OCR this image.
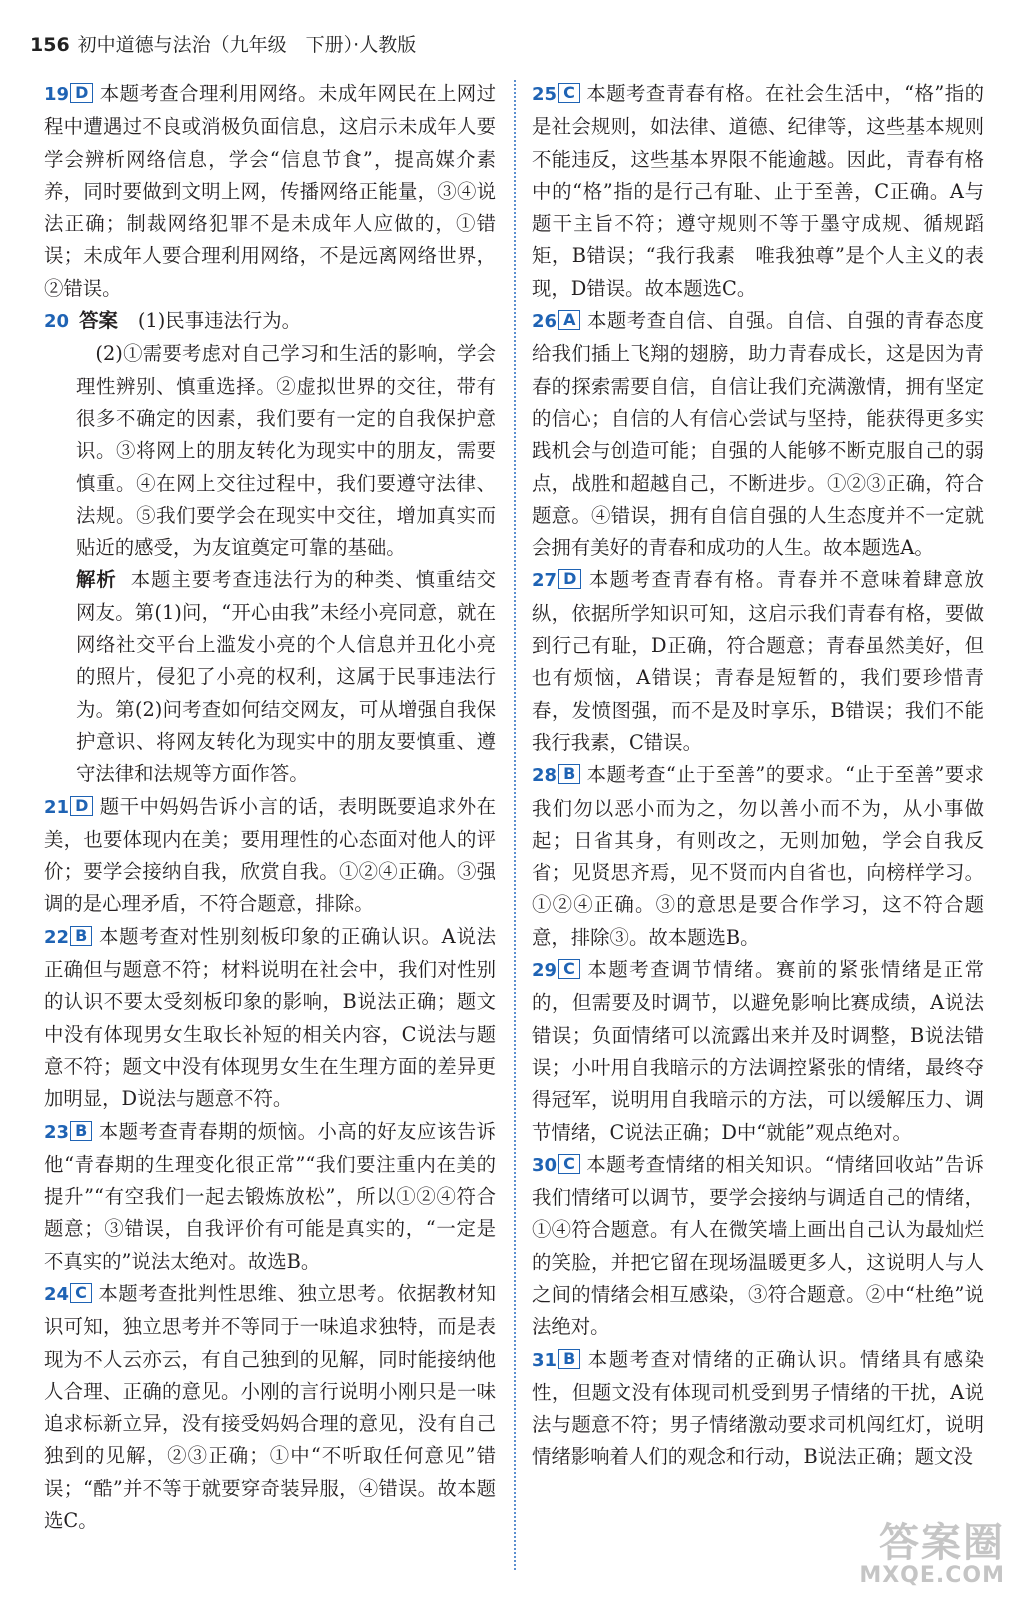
156 初中道德与法治（九年级　下册）·人教版
19 D 本题考查合理利用网络。未成年网民在上网过程中遭遇过不良或消极负面信息，这启示未成年人要学会辨析网络信息，学会“信息节食”，提高媒介素养，同时要做到文明上网，传播网络正能量，③④说法正确；制裁网络犯罪不是未成年人应做的，①错误；未成年人要合理利用网络，不是远离网络世界，②错误。
20 答案 (1)民事违法行为。
(2)①需要考虑对自己学习和生活的影响，学会理性辨别、慎重选择。②虚拟世界的交往，带有很多不确定的因素，我们要有一定的自我保护意识。③将网上的朋友转化为现实中的朋友，需要慎重。④在网上交往过程中，我们要遵守法律、法规。⑤我们要学会在现实中交往，增加真实而贴近的感受，为友谊奠定可靠的基础。
解析 本题主要考查违法行为的种类、慎重结交网友。第(1)问，“开心由我”未经小亮同意，就在网络社交平台上滥发小亮的个人信息并丑化小亮的照片，侵犯了小亮的权利，这属于民事违法行为。第(2)问考查如何结交网友，可从增强自我保护意识、将网友转化为现实中的朋友要慎重、遵守法律和法规等方面作答。
21 D 题干中妈妈告诉小言的话，表明既要追求外在美，也要体现内在美；要用理性的心态面对他人的评价；要学会接纳自我，欣赏自我。①②④正确。③强调的是心理矛盾，不符合题意，排除。
22 B 本题考查对性别刻板印象的正确认识。A说法正确但与题意不符；材料说明在社会中，我们对性别的认识不要太受刻板印象的影响，B说法正确；题文中没有体现男女生取长补短的相关内容，C说法与题意不符；题文中没有体现男女生在生理方面的差异更加明显，D说法与题意不符。
23 B 本题考查青春期的烦恼。小高的好友应该告诉他“青春期的生理变化很正常”“我们要注重内在美的提升”“有空我们一起去锻炼放松”，所以①②④符合题意；③错误，自我评价有可能是真实的，“一定是不真实的”说法太绝对。故选B。
24 C 本题考查批判性思维、独立思考。依据教材知识可知，独立思考并不等同于一味追求独特，而是表现为不人云亦云，有自己独到的见解，同时能接纳他人合理、正确的意见。小刚的言行说明小刚只是一味追求标新立异，没有接受妈妈合理的意见，没有自己独到的见解，②③正确；①中“不听取任何意见”错误；“酷”并不等于就要穿奇装异服，④错误。故本题选C。
25 C 本题考查青春有格。在社会生活中，“格”指的是社会规则，如法律、道德、纪律等，这些基本规则不能违反，这些基本界限不能逾越。因此，青春有格中的“格”指的是行己有耻、止于至善，C正确。A与题干主旨不符；遵守规则不等于墨守成规、循规蹈矩，B错误；“我行我素　唯我独尊”是个人主义的表现，D错误。故本题选C。
26 A 本题考查自信、自强。自信、自强的青春态度给我们插上飞翔的翅膀，助力青春成长，这是因为青春的探索需要自信，自信让我们充满激情，拥有坚定的信心；自信的人有信心尝试与坚持，能获得更多实践机会与创造可能；自强的人能够不断克服自己的弱点，战胜和超越自己，不断进步。①②③正确，符合题意。④错误，拥有自信自强的人生态度并不一定就会拥有美好的青春和成功的人生。故本题选A。
27 D 本题考查青春有格。青春并不意味着肆意放纵，依据所学知识可知，这启示我们青春有格，要做到行己有耻，D正确，符合题意；青春虽然美好，但也有烦恼，A错误；青春是短暂的，我们要珍惜青春，发愤图强，而不是及时享乐，B错误；我们不能我行我素，C错误。
28 B 本题考查“止于至善”的要求。“止于至善”要求我们勿以恶小而为之，勿以善小而不为，从小事做起；日省其身，有则改之，无则加勉，学会自我反省；见贤思齐焉，见不贤而内自省也，向榜样学习。①②④正确。③的意思是要合作学习，这不符合题意，排除③。故本题选B。
29 C 本题考查调节情绪。赛前的紧张情绪是正常的，但需要及时调节，以避免影响比赛成绩，A说法错误；负面情绪可以流露出来并及时调整，B说法错误；小叶用自我暗示的方法调控紧张的情绪，最终夺得冠军，说明用自我暗示的方法，可以缓解压力、调节情绪，C说法正确；D中“就能”观点绝对。
30 C 本题考查情绪的相关知识。“情绪回收站”告诉我们情绪可以调节，要学会接纳与调适自己的情绪，①④符合题意。有人在微笑墙上画出自己认为最灿烂的笑脸，并把它留在现场温暖更多人，这说明人与人之间的情绪会相互感染，③符合题意。②中“杜绝”说法绝对。
31 B 本题考查对情绪的正确认识。情绪具有感染性，但题文没有体现司机受到男子情绪的干扰，A说法与题意不符；男子情绪激动要求司机闯红灯，说明情绪影响着人们的观念和行动，B说法正确；题文没
答案圈
MXQE.COM
